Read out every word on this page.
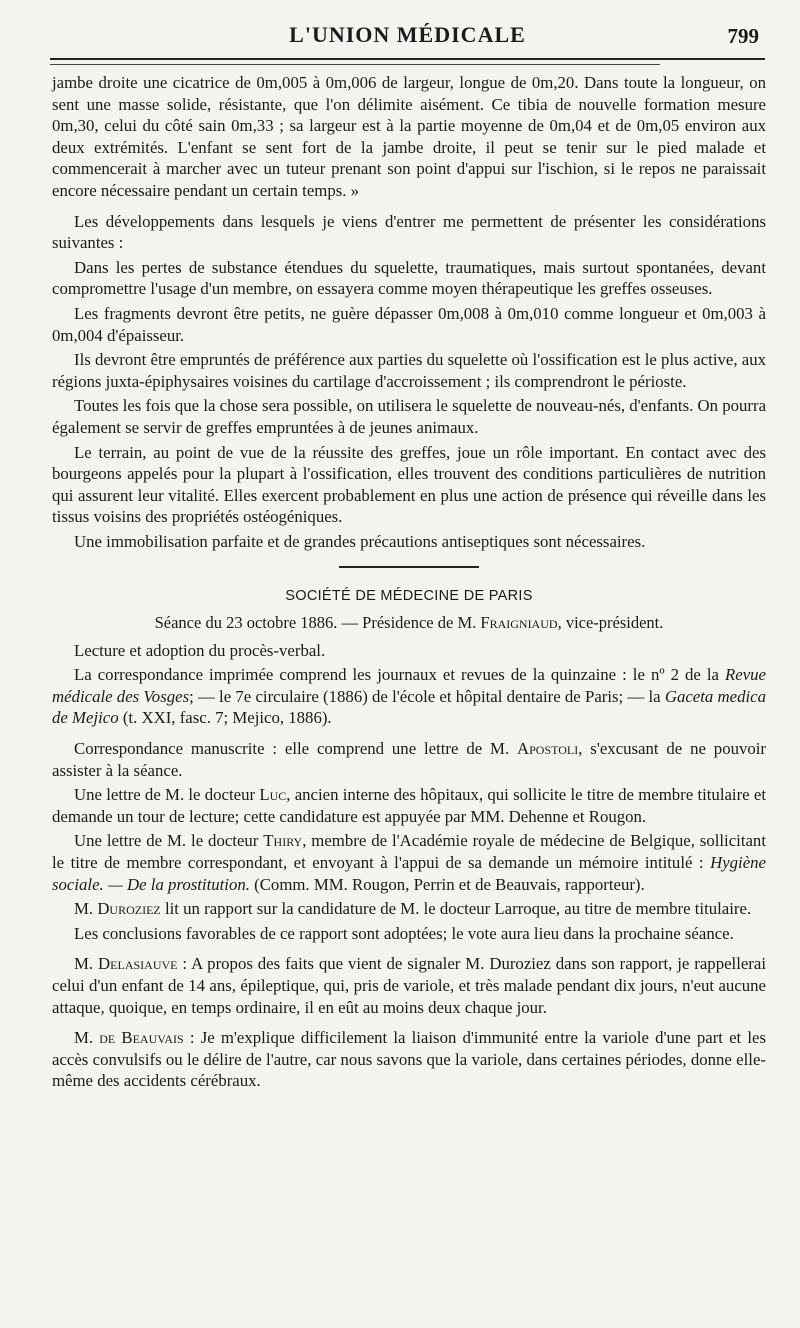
L'UNION MÉDICALE	799

jambe droite une cicatrice de 0m,005 à 0m,006 de largeur, longue de 0m,20. Dans toute la longueur, on sent une masse solide, résistante, que l'on délimite aisément. Ce tibia de nouvelle formation mesure 0m,30, celui du côté sain 0m,33 ; sa largeur est à la partie moyenne de 0m,04 et de 0m,05 environ aux deux extrémités. L'enfant se sent fort de la jambe droite, il peut se tenir sur le pied malade et commencerait à marcher avec un tuteur prenant son point d'appui sur l'ischion, si le repos ne paraissait encore nécessaire pendant un certain temps. »

Les développements dans lesquels je viens d'entrer me permettent de présenter les considérations suivantes :

Dans les pertes de substance étendues du squelette, traumatiques, mais surtout spontanées, devant compromettre l'usage d'un membre, on essayera comme moyen thérapeutique les greffes osseuses.

Les fragments devront être petits, ne guère dépasser 0m,008 à 0m,010 comme longueur et 0m,003 à 0m,004 d'épaisseur.

Ils devront être empruntés de préférence aux parties du squelette où l'ossification est le plus active, aux régions juxta-épiphysaires voisines du cartilage d'accroissement ; ils comprendront le périoste.

Toutes les fois que la chose sera possible, on utilisera le squelette de nouveau-nés, d'enfants. On pourra également se servir de greffes empruntées à de jeunes animaux.

Le terrain, au point de vue de la réussite des greffes, joue un rôle important. En contact avec des bourgeons appelés pour la plupart à l'ossification, elles trouvent des conditions particulières de nutrition qui assurent leur vitalité. Elles exercent probablement en plus une action de présence qui réveille dans les tissus voisins des propriétés ostéogéniques.

Une immobilisation parfaite et de grandes précautions antiseptiques sont nécessaires.

SOCIÉTÉ DE MÉDECINE DE PARIS
Séance du 23 octobre 1886. — Présidence de M. Fraigniaud, vice-président.

Lecture et adoption du procès-verbal.

La correspondance imprimée comprend les journaux et revues de la quinzaine : le nº 2 de la Revue médicale des Vosges; — le 7e circulaire (1886) de l'école et hôpital dentaire de Paris; — la Gaceta medica de Mejico (t. XXI, fasc. 7; Mejico, 1886).

Correspondance manuscrite : elle comprend une lettre de M. Apostoli, s'excusant de ne pouvoir assister à la séance.

Une lettre de M. le docteur Luc, ancien interne des hôpitaux, qui sollicite le titre de membre titulaire et demande un tour de lecture; cette candidature est appuyée par MM. Dehenne et Rougon.

Une lettre de M. le docteur Thiry, membre de l'Académie royale de médecine de Belgique, sollicitant le titre de membre correspondant, et envoyant à l'appui de sa demande un mémoire intitulé : Hygiène sociale. — De la prostitution. (Comm. MM. Rougon, Perrin et de Beauvais, rapporteur).

M. Duroziez lit un rapport sur la candidature de M. le docteur Larroque, au titre de membre titulaire.

Les conclusions favorables de ce rapport sont adoptées; le vote aura lieu dans la prochaine séance.

M. Delasiauve : A propos des faits que vient de signaler M. Duroziez dans son rapport, je rappellerai celui d'un enfant de 14 ans, épileptique, qui, pris de variole, et très malade pendant dix jours, n'eut aucune attaque, quoique, en temps ordinaire, il en eût au moins deux chaque jour.

M. de Beauvais : Je m'explique difficilement la liaison d'immunité entre la variole d'une part et les accès convulsifs ou le délire de l'autre, car nous savons que la variole, dans certaines périodes, donne elle-même des accidents cérébraux.
